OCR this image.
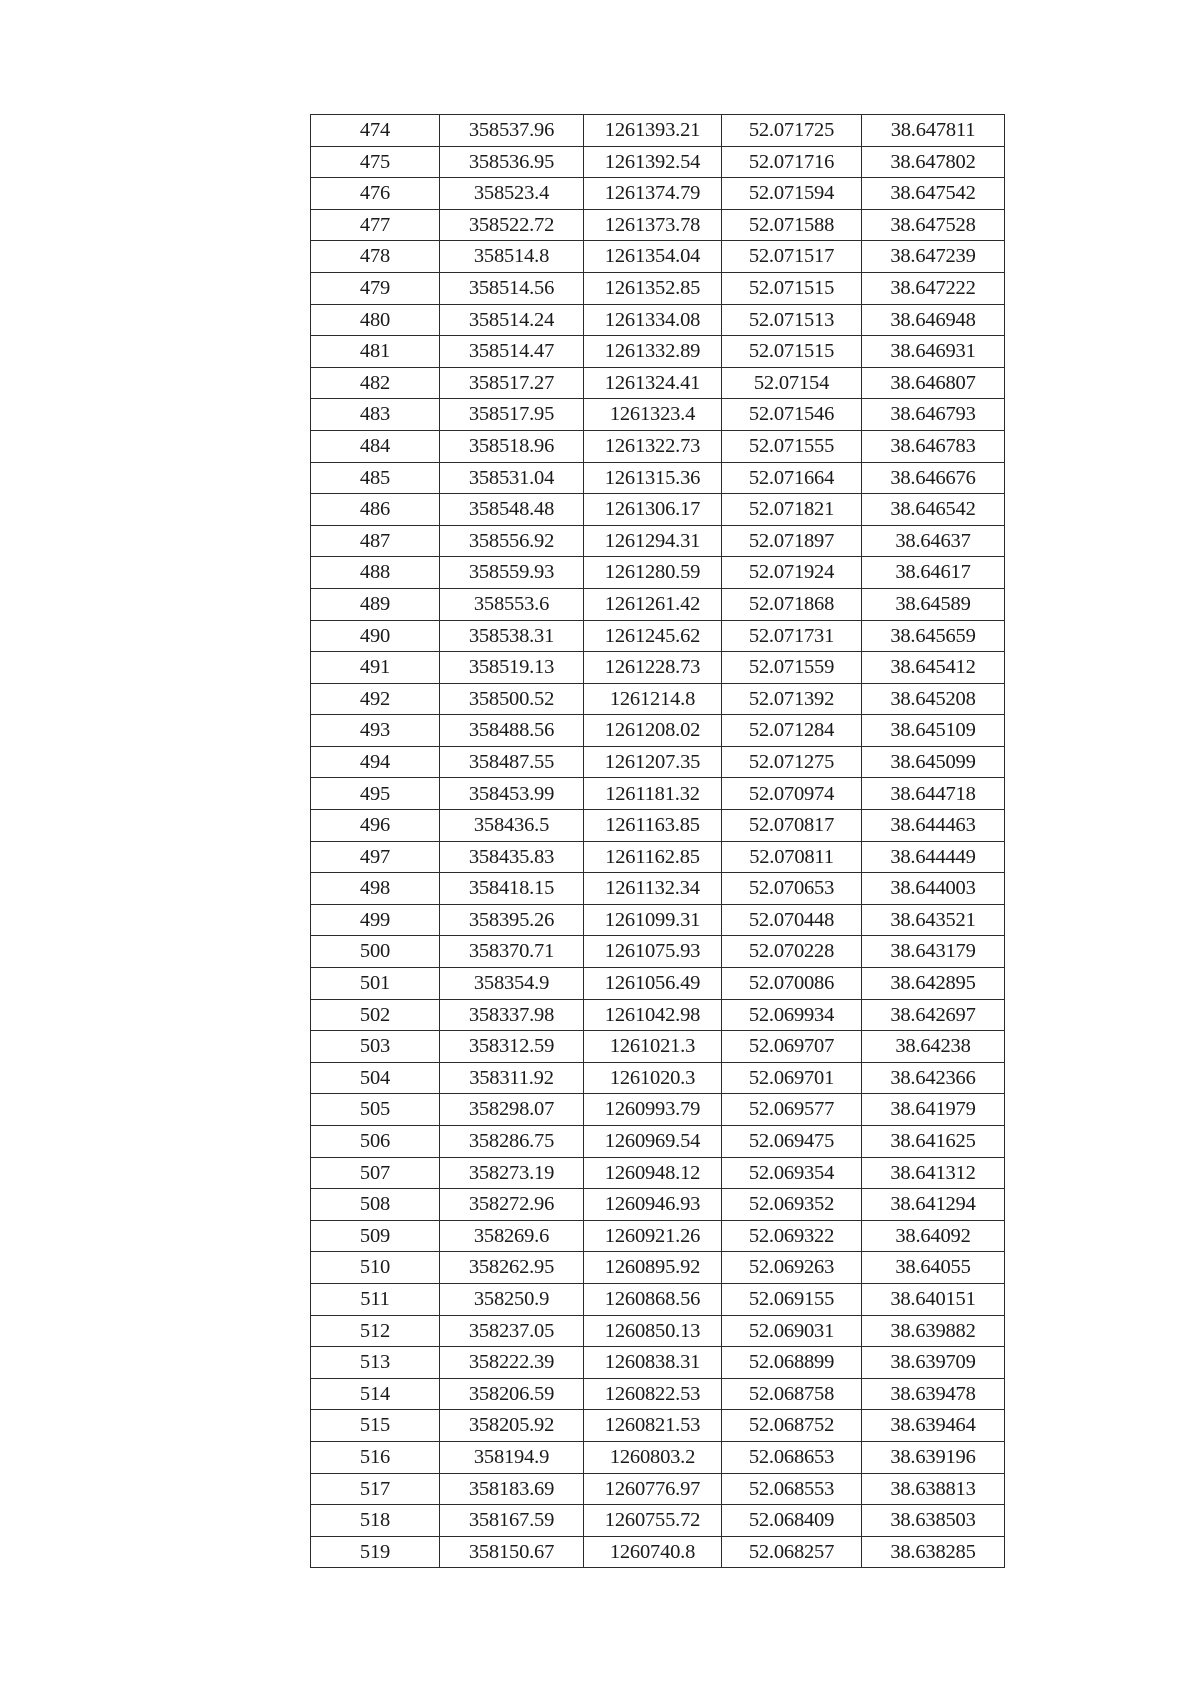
474	358537.96	1261393.21	52.071725	38.647811
475	358536.95	1261392.54	52.071716	38.647802
476	358523.4	1261374.79	52.071594	38.647542
477	358522.72	1261373.78	52.071588	38.647528
478	358514.8	1261354.04	52.071517	38.647239
479	358514.56	1261352.85	52.071515	38.647222
480	358514.24	1261334.08	52.071513	38.646948
481	358514.47	1261332.89	52.071515	38.646931
482	358517.27	1261324.41	52.07154	38.646807
483	358517.95	1261323.4	52.071546	38.646793
484	358518.96	1261322.73	52.071555	38.646783
485	358531.04	1261315.36	52.071664	38.646676
486	358548.48	1261306.17	52.071821	38.646542
487	358556.92	1261294.31	52.071897	38.64637
488	358559.93	1261280.59	52.071924	38.64617
489	358553.6	1261261.42	52.071868	38.64589
490	358538.31	1261245.62	52.071731	38.645659
491	358519.13	1261228.73	52.071559	38.645412
492	358500.52	1261214.8	52.071392	38.645208
493	358488.56	1261208.02	52.071284	38.645109
494	358487.55	1261207.35	52.071275	38.645099
495	358453.99	1261181.32	52.070974	38.644718
496	358436.5	1261163.85	52.070817	38.644463
497	358435.83	1261162.85	52.070811	38.644449
498	358418.15	1261132.34	52.070653	38.644003
499	358395.26	1261099.31	52.070448	38.643521
500	358370.71	1261075.93	52.070228	38.643179
501	358354.9	1261056.49	52.070086	38.642895
502	358337.98	1261042.98	52.069934	38.642697
503	358312.59	1261021.3	52.069707	38.64238
504	358311.92	1261020.3	52.069701	38.642366
505	358298.07	1260993.79	52.069577	38.641979
506	358286.75	1260969.54	52.069475	38.641625
507	358273.19	1260948.12	52.069354	38.641312
508	358272.96	1260946.93	52.069352	38.641294
509	358269.6	1260921.26	52.069322	38.64092
510	358262.95	1260895.92	52.069263	38.64055
511	358250.9	1260868.56	52.069155	38.640151
512	358237.05	1260850.13	52.069031	38.639882
513	358222.39	1260838.31	52.068899	38.639709
514	358206.59	1260822.53	52.068758	38.639478
515	358205.92	1260821.53	52.068752	38.639464
516	358194.9	1260803.2	52.068653	38.639196
517	358183.69	1260776.97	52.068553	38.638813
518	358167.59	1260755.72	52.068409	38.638503
519	358150.67	1260740.8	52.068257	38.638285
